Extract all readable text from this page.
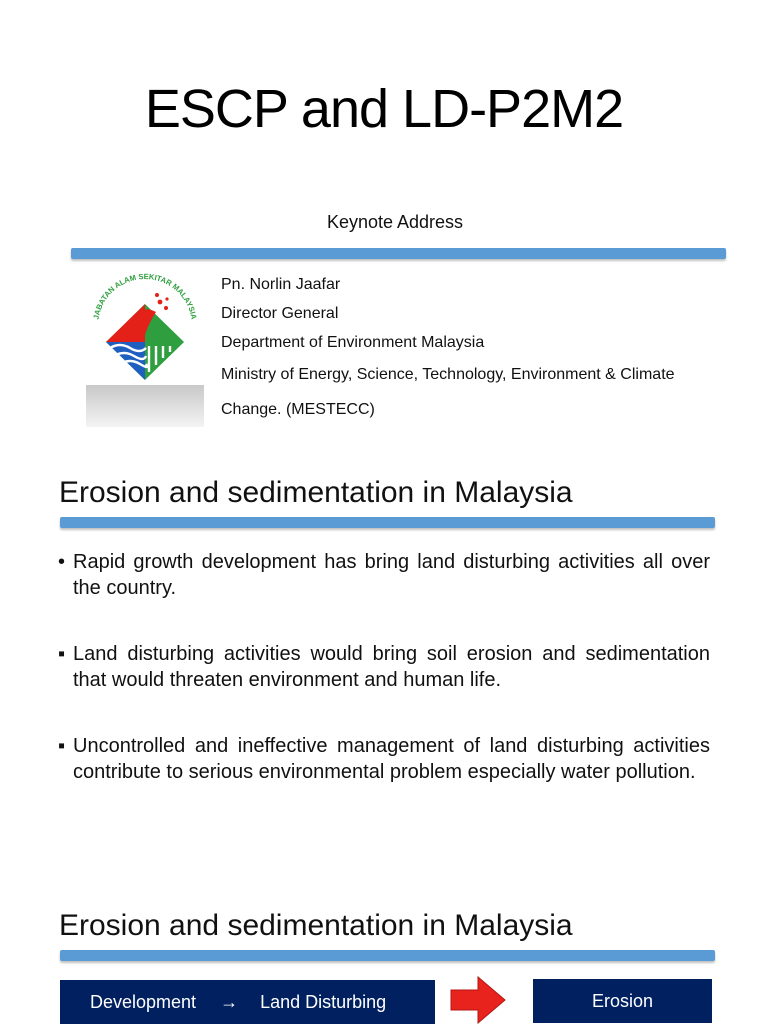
ESCP and LD-P2M2
Keynote Address
JABATAN ALAM SEKITAR MALAYSIA
Pn. Norlin Jaafar
Director General
Department of Environment Malaysia
Ministry of Energy, Science, Technology, Environment & Climate
Change. (MESTECC)
Erosion and sedimentation in Malaysia
• Rapid growth development has bring land disturbing activities all over the country.
▪ Land disturbing activities would bring soil erosion and sedimentation that would threaten environment and human life.
▪ Uncontrolled and ineffective management of land disturbing activities contribute to serious environmental problem especially water pollution.
Erosion and sedimentation in Malaysia
Development → Land Disturbing	Erosion
